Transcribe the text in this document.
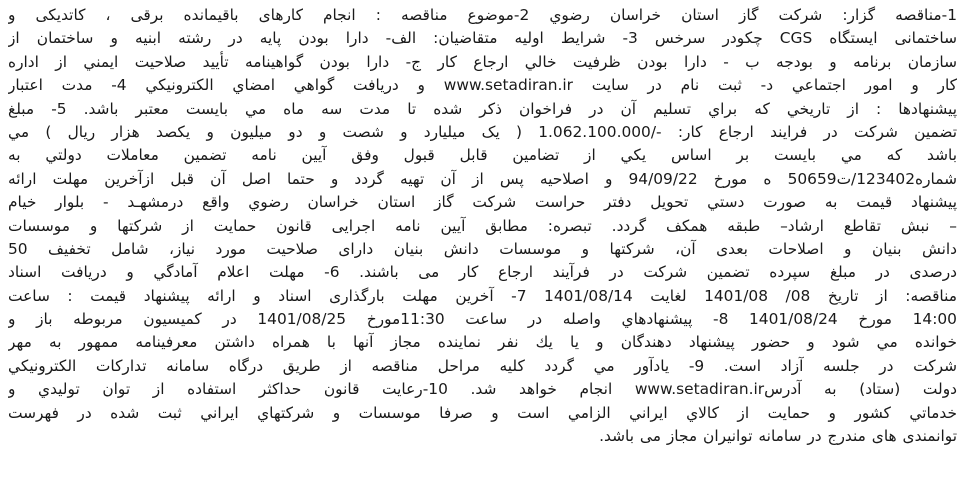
1-مناقصه گزار: شرکت گاز استان خراسان رضوي 2-موضوع مناقصه : انجام کارهای باقیمانده برقی ، کاتدیکی و
ساختمانی ایستگاه CGS چکودر سرخس 3- شرایط اولیه متقاضیان: الف- دارا بودن پایه در رشته ابنیه و ساختمان از
سازمان برنامه و بودجه ب - دارا بودن ظرفیت خالي ارجاع کار ج- دارا بودن گواهينامه تأييد صلاحيت ايمني از اداره
کار و امور اجتماعي د- ثبت نام در سایت www.setadiran.ir و دریافت گواهي امضاي الکترونيکي 4- مدت اعتبار
پیشنهادها : از تاريخي که براي تسليم آن در فراخوان ذکر شده تا مدت سه ماه مي بايست معتبر باشد. 5- مبلغ
تضمین شرکت در فرایند ارجاع کار: -/1.062.100.000 ( یک میلیارد و شصت و دو میلیون و یکصد هزار ریال ) مي
باشد که مي بايست بر اساس يکي از تضامين قابل قبول وفق آيين نامه تضمين معاملات دولتي به
شماره123402/ت50659 ه مورخ 94/09/22 و اصلاحیه پس از آن تهیه گردد و حتما اصل آن قبل ازآخرین مهلت ارائه
پیشنهاد قیمت به صورت دستي تحویل دفتر حراست شرکت گاز استان خراسان رضوي واقع درمشهـد - بلوار خیام
– نبش تقاطع ارشاد– طبقه همکف گردد. تبصره: مطابق آیین نامه اجرایی قانون حمایت از شرکتها و موسسات
دانش بنیان و اصلاحات بعدی آن، شرکتها و موسسات دانش بنیان دارای صلاحیت مورد نیاز، شامل تخفیف 50
درصدی در مبلغ سپرده تضمین شرکت در فرآیند ارجاع کار می باشند. 6- مهلت اعلام آمادگي و دريافت اسناد
مناقصه: از تاريخ 08/ 1401/08 لغايت 1401/08/14 7- آخرین مهلت بارگذاری اسناد و ارائه پیشنهاد قیمت : ساعت
14:00 مورخ 1401/08/24 8- پیشنهادهاي واصله در ساعت 11:30مورخ 1401/08/25 در کمیسیون مربوطه باز و
خوانده مي شود و حضور پيشنهاد دهندگان و یا یك نفر نماينده مجاز آنها با همراه داشتن معرفينامه ممهور به مهر
شرکت در جلسه آزاد است. 9- يادآور مي گردد کليه مراحل مناقصه از طريق درگاه سامانه تدارکات الکترونيکي
دولت (ستاد) به آدرسwww.setadiran.ir انجام خواهد شد. 10-رعايت قانون حداکثر استفاده از توان توليدي و
خدماتي کشور و حمايت از کالاي ايراني الزامي است و صرفا موسسات و شرکتهاي ايراني ثبت شده در فهرست
توانمندی های مندرج در سامانه توانیران مجاز می باشد.
